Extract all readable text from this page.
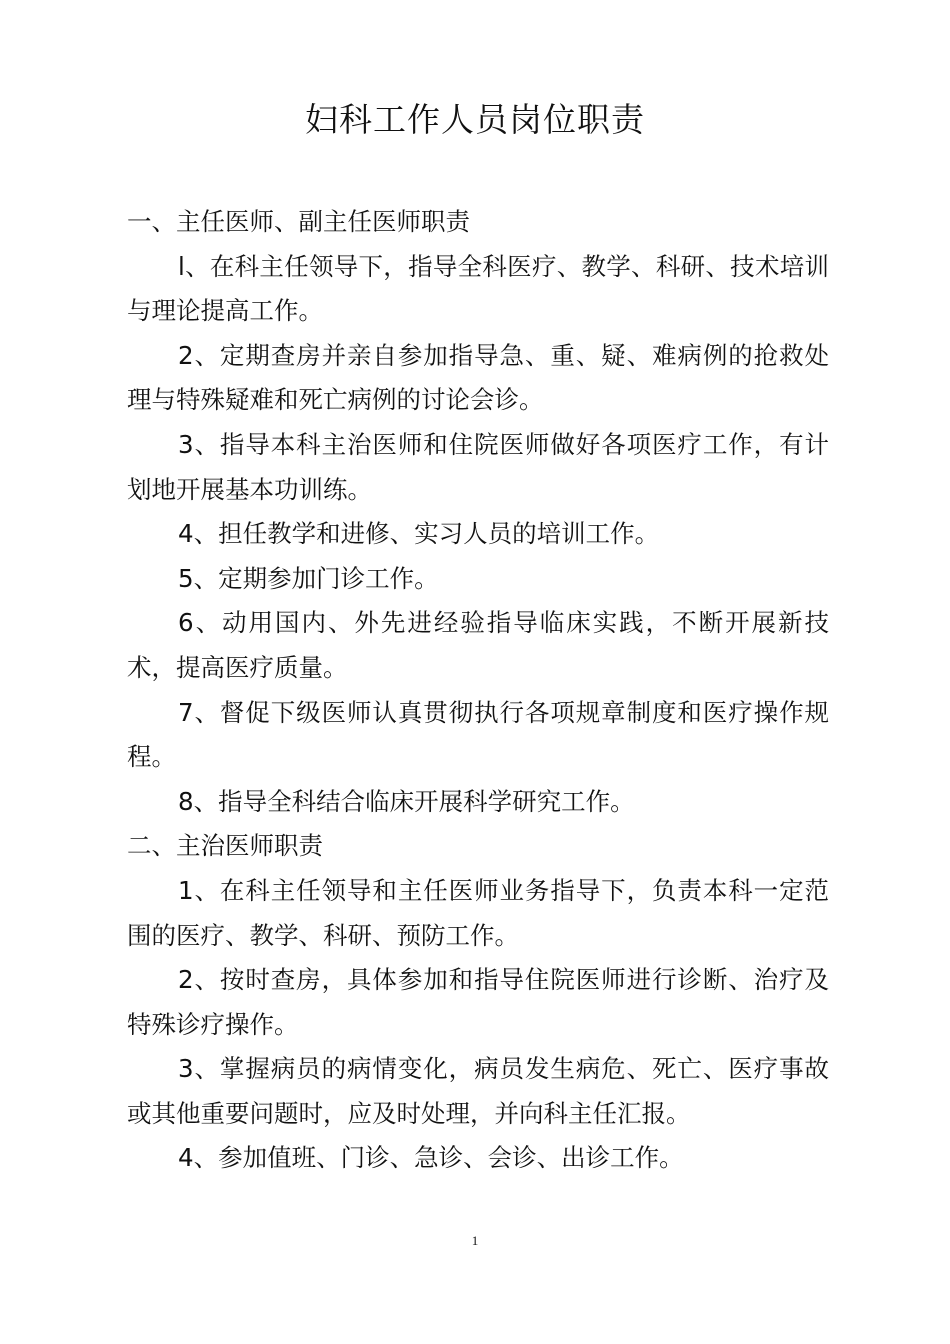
妇科工作人员岗位职责

一、主任医师、副主任医师职责

l、在科主任领导下，指导全科医疗、教学、科研、技术培训与理论提高工作。

2、定期查房并亲自参加指导急、重、疑、难病例的抢救处理与特殊疑难和死亡病例的讨论会诊。

3、指导本科主治医师和住院医师做好各项医疗工作，有计划地开展基本功训练。

4、担任教学和进修、实习人员的培训工作。

5、定期参加门诊工作。

6、动用国内、外先进经验指导临床实践，不断开展新技术，提高医疗质量。

7、督促下级医师认真贯彻执行各项规章制度和医疗操作规程。

8、指导全科结合临床开展科学研究工作。

二、主治医师职责

1、在科主任领导和主任医师业务指导下，负责本科一定范围的医疗、教学、科研、预防工作。

2、按时查房，具体参加和指导住院医师进行诊断、治疗及特殊诊疗操作。

3、掌握病员的病情变化，病员发生病危、死亡、医疗事故或其他重要问题时，应及时处理，并向科主任汇报。

4、参加值班、门诊、急诊、会诊、出诊工作。

1
